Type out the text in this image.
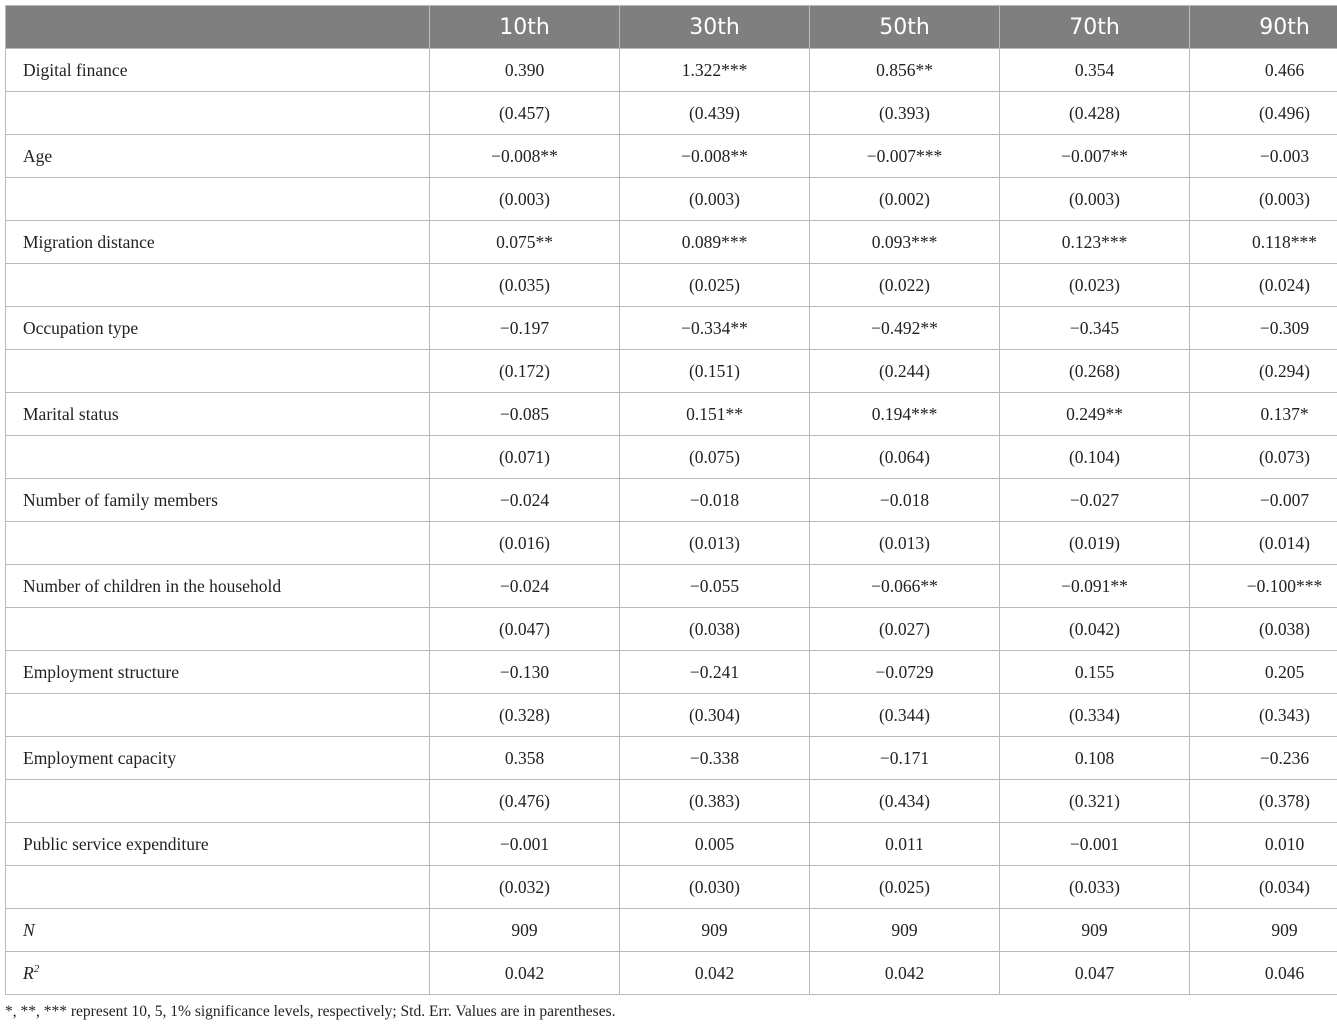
	10th	30th	50th	70th	90th
Digital finance	0.390	1.322***	0.856**	0.354	0.466
	(0.457)	(0.439)	(0.393)	(0.428)	(0.496)
Age	−0.008**	−0.008**	−0.007***	−0.007**	−0.003
	(0.003)	(0.003)	(0.002)	(0.003)	(0.003)
Migration distance	0.075**	0.089***	0.093***	0.123***	0.118***
	(0.035)	(0.025)	(0.022)	(0.023)	(0.024)
Occupation type	−0.197	−0.334**	−0.492**	−0.345	−0.309
	(0.172)	(0.151)	(0.244)	(0.268)	(0.294)
Marital status	−0.085	0.151**	0.194***	0.249**	0.137*
	(0.071)	(0.075)	(0.064)	(0.104)	(0.073)
Number of family members	−0.024	−0.018	−0.018	−0.027	−0.007
	(0.016)	(0.013)	(0.013)	(0.019)	(0.014)
Number of children in the household	−0.024	−0.055	−0.066**	−0.091**	−0.100***
	(0.047)	(0.038)	(0.027)	(0.042)	(0.038)
Employment structure	−0.130	−0.241	−0.0729	0.155	0.205
	(0.328)	(0.304)	(0.344)	(0.334)	(0.343)
Employment capacity	0.358	−0.338	−0.171	0.108	−0.236
	(0.476)	(0.383)	(0.434)	(0.321)	(0.378)
Public service expenditure	−0.001	0.005	0.011	−0.001	0.010
	(0.032)	(0.030)	(0.025)	(0.033)	(0.034)
N	909	909	909	909	909
$R^2$	0.042	0.042	0.042	0.047	0.046
*, **, *** represent 10, 5, 1% significance levels, respectively; Std. Err. Values are in parentheses.
